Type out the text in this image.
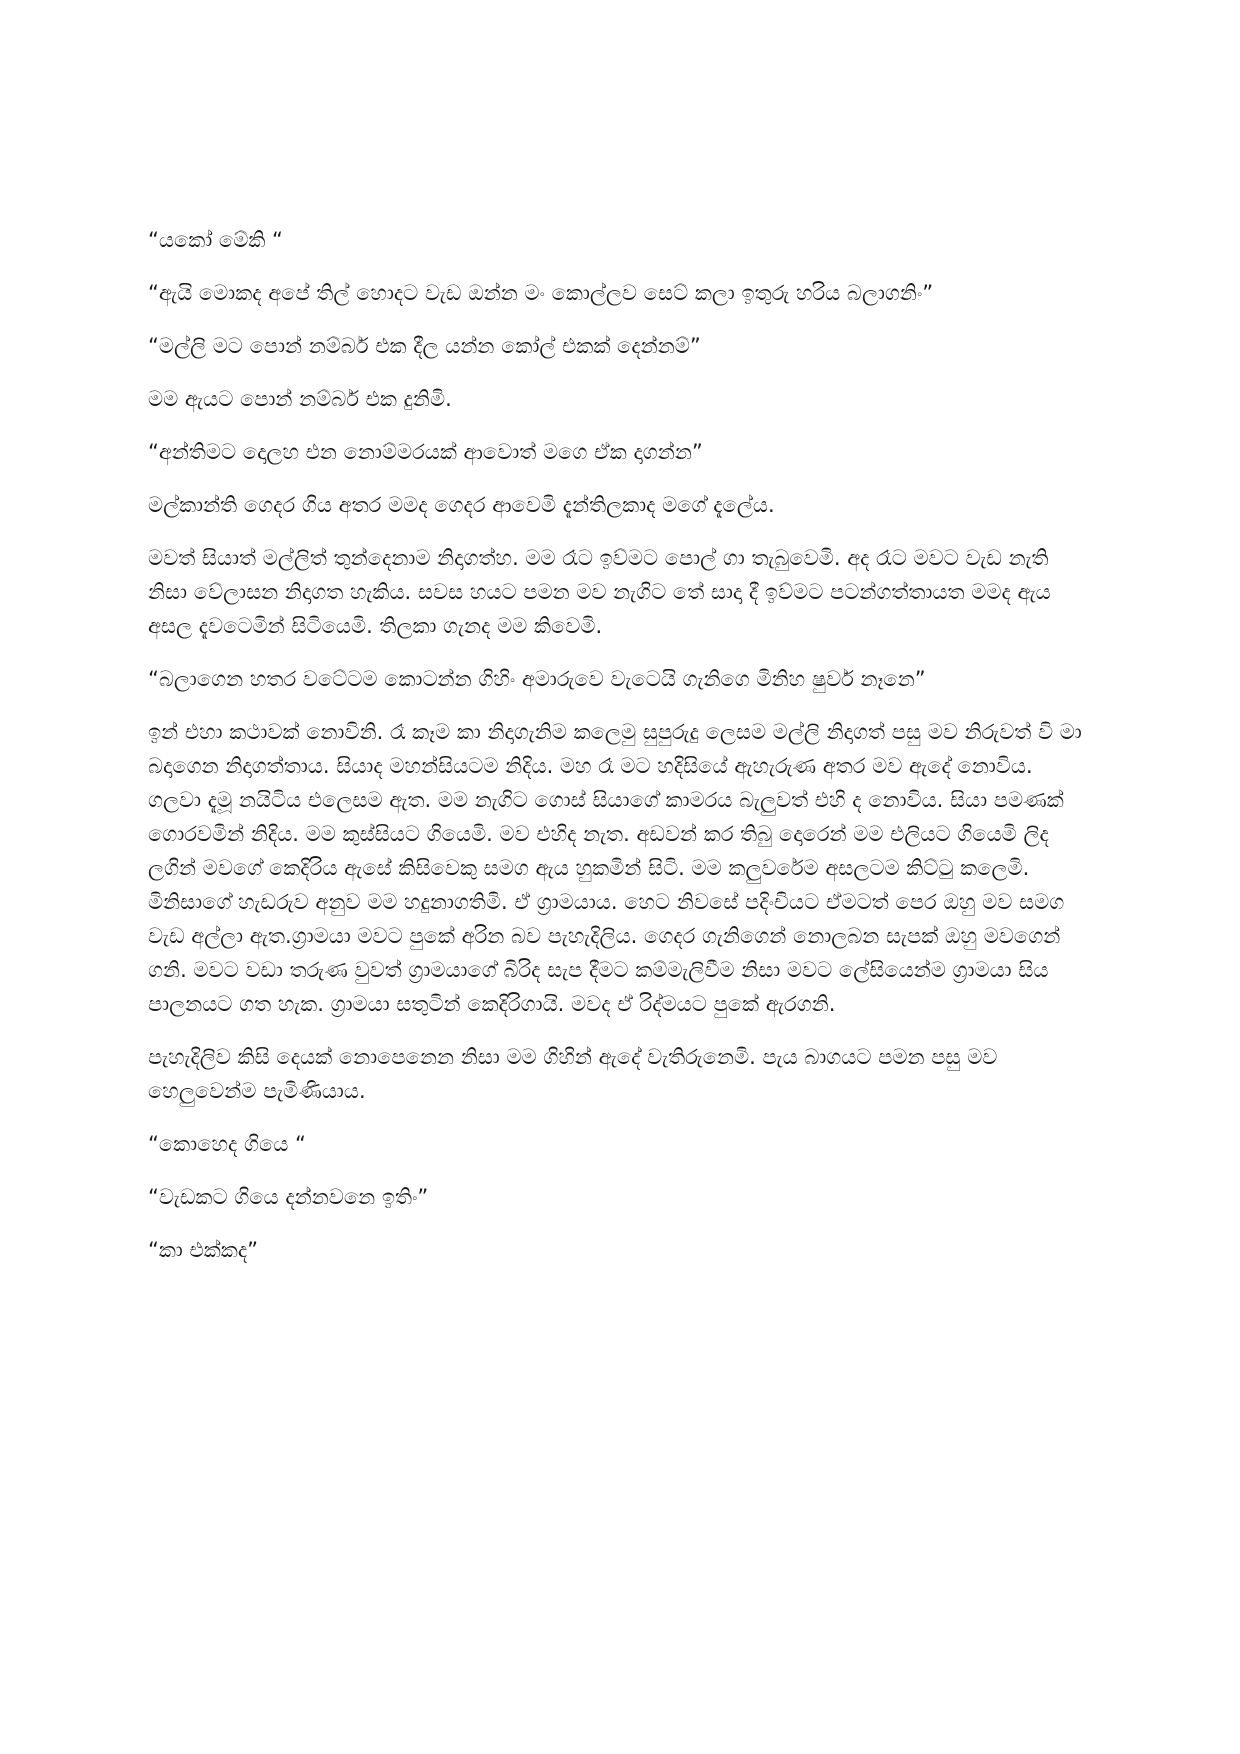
“යකෝ මේකි “

“ඇයි මොකද අපේ තිල් හොදට වැඩ ඔන්න මං කොල්ලව සෙට් කලා ඉතුරු හරිය බලාගනිං”

“මල්ලි මට පොන් නම්බර් එක දීල යන්න කෝල් එකක් දෙන්නම්”

මම ඇයට පොන් නම්බර් එක දුනිමි.

“අන්තිමට දොලහ එන නොම්මරයක් ආවොත් මගෙ ඒක දාගන්න”

මල්කාන්ති ගෙදර ගිය අතර මමද ගෙදර ආවෙමි දැන්තිලකාද මගේ දැලේය.

මවත් සියාත් මල්ලිත් තුන්දෙනාම නිදාගත්හ. මම රෑට ඉව්මට පොල් ගා තැබුවෙමි. අද රෑට මවට වැඩ නැති නිසා වේලාසන නිදාගත හැකිය. සවස හයට පමන මව නැගිට තේ සාදා දී ඉව්මට පටන්ගත්තායත මමද ඇය අසල දැවටෙමින් සිටියෙමි. තිලකා ගැනද මම කිවෙමි.

“බලාගෙන හතර වටේටම කොටන්න ගිහිං අමාරුවෙ වැටෙයි ගැනිගෙ මිනිහ ෂුවර් නෑනෙ”

ඉන් එහා කථාවක් නොවිනි. රෑ කෑම කා නිදාගැනිම කලෙමු සුපුරුදු ලෙසම මල්ලි නිදාගත් පසු මව නිරුවත් වි මා බදාගෙන නිදාගත්තාය. සියාද මහන්සියටම නිදිය. මහ රෑ මට හදිසියේ ඇහැරුණ අතර මව ඇදේ නොවිය. ගලවා දැමූ නයිටිය එලෙසම ඇත. මම නැගිට ගොස් සියාගේ කාමරය බැලුවත් එහි ද නොවිය. සියා පමණක් ගොරවමින් නිදිය. මම කුස්සියට ගියෙමි. මව එහිද නැත. අඩවන් කර තිබු දොරෙන් මම එලියට ගියෙමි ලිද ලගින් මවගේ කෙදිරිය ඇසේ කිසිවෙකු සමග ඇය හුකමින් සිටි. මම කලුවරේම අසලටම කිට්ටු කලෙමි. මිනිසාගේ හැඩරුව අනුව මම හදුනාගතිමි. ඒ ග්‍රාමයාය. හෙට නිවසේ පදිංචියට ඒමටත් පෙර ඔහු මව සමග වැඩ අල්ලා ඇත.ග්‍රාමයා මවට පුකේ අරින බව පැහැදිලිය. ගෙදර ගැනිගෙන් නොලබන සැපක් ඔහු මවගෙන් ගනි. මවට වඩා තරුණ වුවත් ග්‍රාමයාගේ බිරිද සැප දීමට කම්මැලිවීම නිසා මවට ලේසියෙන්ම ග්‍රාමයා සිය පාලනයට ගත හැක. ග්‍රාමයා සතුටින් කෙදිරිගායි. මවද ඒ රිද්මයට පුකේ ඇරගනි.

පැහැදිලිව කිසි දෙයක් නොපෙනෙන නිසා මම ගිහින් ඇදේ වැතිරුනෙමි. පැය බාගයට පමන පසු මව හෙලුවෙන්ම පැමිණියාය.

“කොහෙද ගියෙ “

“වැඩකට ගියෙ දන්නවනෙ ඉතිං”

“කා එක්කද”
